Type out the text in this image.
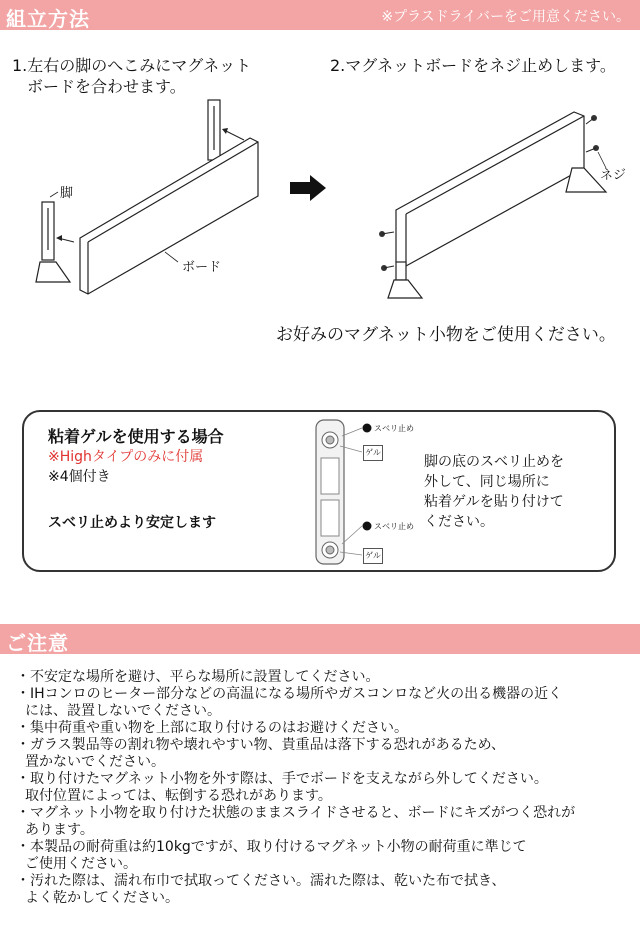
組立方法	※プラスドライバーをご用意ください。
1.左右の脚のへこみにマグネット
ボードを合わせます。
2.マグネットボードをネジ止めします。
脚
ボード
ネジ
お好みのマグネット小物をご使用ください。
粘着ゲルを使用する場合
※Highタイプのみに付属
※4個付き
スベリ止めより安定します
スベリ止め
ゲル
スベリ止め
ゲル
脚の底のスベリ止めを
外して、同じ場所に
粘着ゲルを貼り付けて
ください。
ご注意
・不安定な場所を避け、平らな場所に設置してください。
・IHコンロのヒーター部分などの高温になる場所やガスコンロなど火の出る機器の近く
には、設置しないでください。
・集中荷重や重い物を上部に取り付けるのはお避けください。
・ガラス製品等の割れ物や壊れやすい物、貴重品は落下する恐れがあるため、
置かないでください。
・取り付けたマグネット小物を外す際は、手でボードを支えながら外してください。
取付位置によっては、転倒する恐れがあります。
・マグネット小物を取り付けた状態のままスライドさせると、ボードにキズがつく恐れが
あります。
・本製品の耐荷重は約10kgですが、取り付けるマグネット小物の耐荷重に準じて
ご使用ください。
・汚れた際は、濡れ布巾で拭取ってください。濡れた際は、乾いた布で拭き、
よく乾かしてください。
